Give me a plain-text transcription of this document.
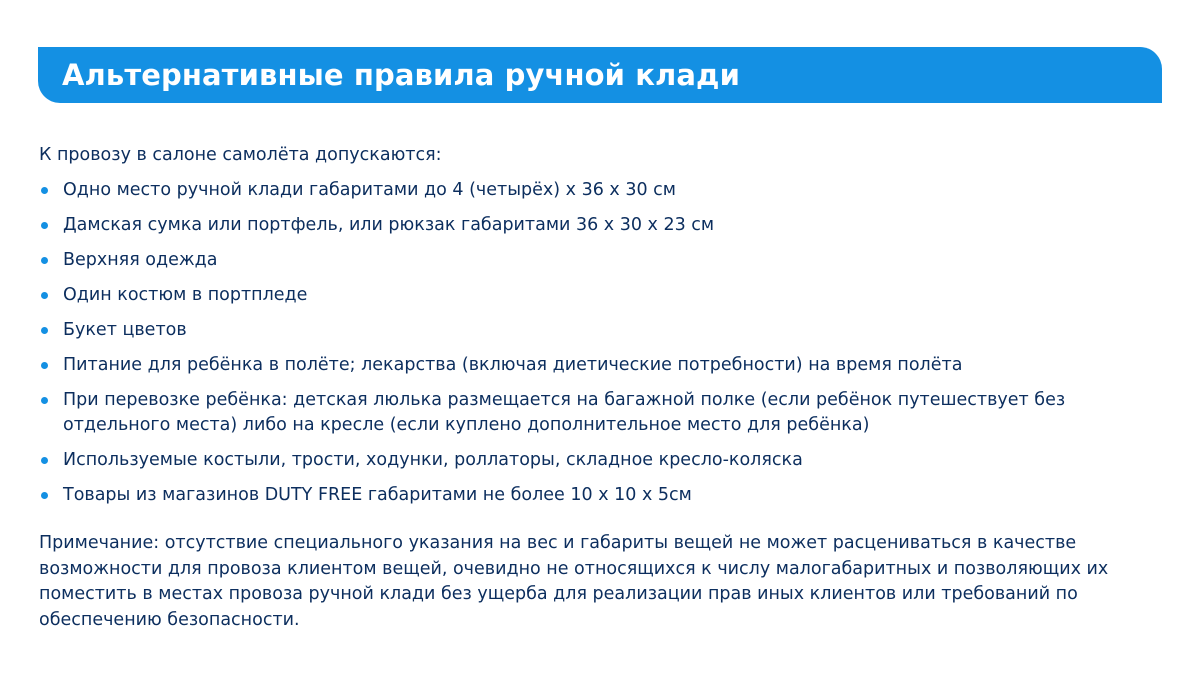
Альтернативные правила ручной клади

К провозу в салоне самолёта допускаются:

Одно место ручной клади габаритами до 4 (четырёх) х 36 х 30 см
Дамская сумка или портфель, или рюкзак габаритами 36 х 30 х 23 см
Верхняя одежда
Один костюм в портпледе
Букет цветов
Питание для ребёнка в полёте; лекарства (включая диетические потребности) на время полёта
При перевозке ребёнка: детская люлька размещается на багажной полке (если ребёнок путешествует без отдельного места) либо на кресле (если куплено дополнительное место для ребёнка)
Используемые костыли, трости, ходунки, роллаторы, складное кресло-коляска
Товары из магазинов DUTY FREE габаритами не более 10 х 10 х 5см

Примечание: отсутствие специального указания на вес и габариты вещей не может расцениваться в качестве возможности для провоза клиентом вещей, очевидно не относящихся к числу малогабаритных и позволяющих их поместить в местах провоза ручной клади без ущерба для реализации прав иных клиентов или требований по обеспечению безопасности.
